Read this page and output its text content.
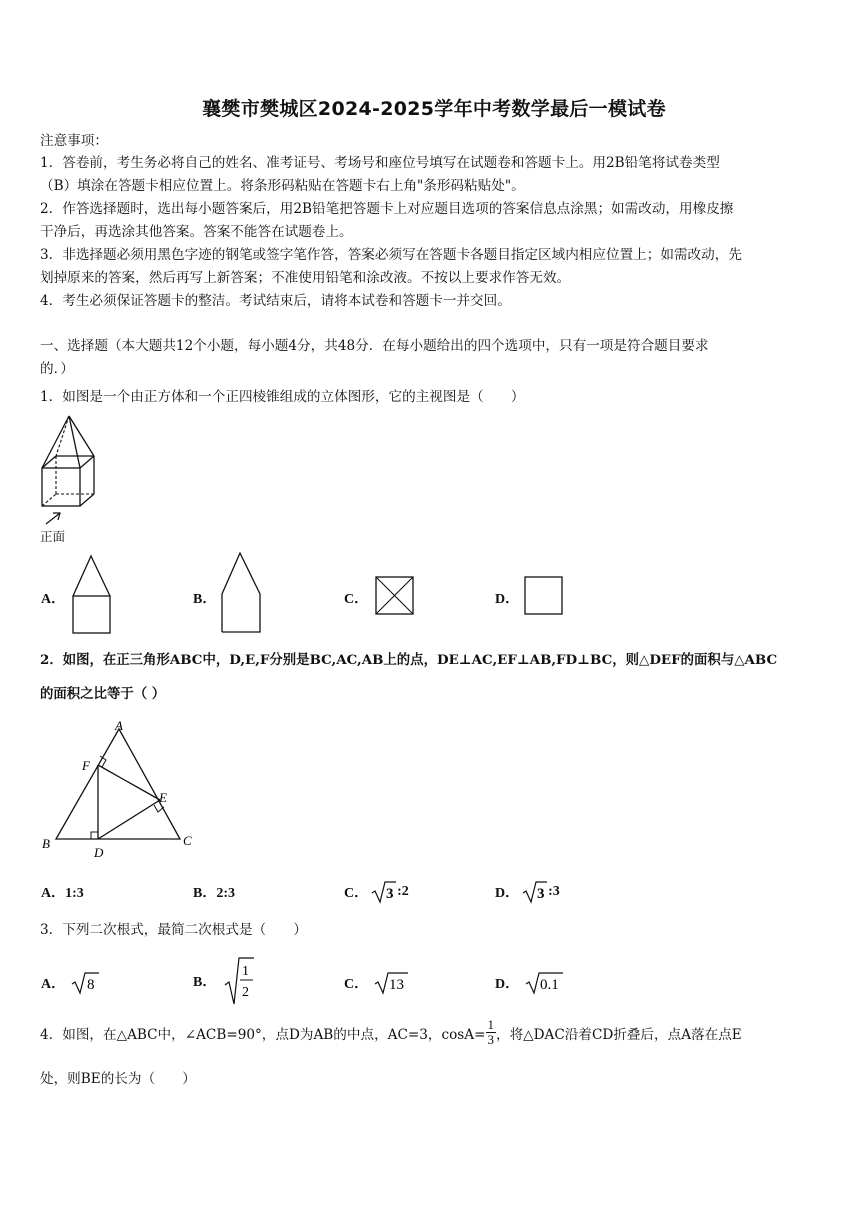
襄樊市樊城区2024-2025学年中考数学最后一模试卷
注意事项：
1．答卷前，考生务必将自己的姓名、准考证号、考场号和座位号填写在试题卷和答题卡上。用2B铅笔将试卷类型
（B）填涂在答题卡相应位置上。将条形码粘贴在答题卡右上角"条形码粘贴处"。
2．作答选择题时，选出每小题答案后，用2B铅笔把答题卡上对应题目选项的答案信息点涂黑；如需改动，用橡皮擦
干净后，再选涂其他答案。答案不能答在试题卷上。
3．非选择题必须用黑色字迹的钢笔或签字笔作答，答案必须写在答题卡各题目指定区域内相应位置上；如需改动，先
划掉原来的答案，然后再写上新答案；不准使用铅笔和涂改液。不按以上要求作答无效。
4．考生必须保证答题卡的整洁。考试结束后，请将本试卷和答题卡一并交回。
一、选择题（本大题共12个小题，每小题4分，共48分．在每小题给出的四个选项中，只有一项是符合题目要求
的．）
1．如图是一个由正方体和一个正四棱锥组成的立体图形，它的主视图是（　　）
正面
A．	B．	C．	D．
2．如图，在正三角形ABC中，D,E,F分别是BC,AC,AB上的点，DE⊥AC,EF⊥AB,FD⊥BC，则△DEF的面积与△ABC
的面积之比等于（ ）
A
B	C
D
E
F
A．1:3	B．2:3	C． 3 :2	D． 3 :3
3．下列二次根式，最简二次根式是（　　）
A． 8	B．
1
2
C． 13	D． 0.1
4．如图，在△ABC中，∠ACB=90°，点D为AB的中点，AC=3，$\cos A= \frac{1}{3}$ ，将△DAC沿着CD折叠后，点A落在点E
处，则BE的长为（　　）
